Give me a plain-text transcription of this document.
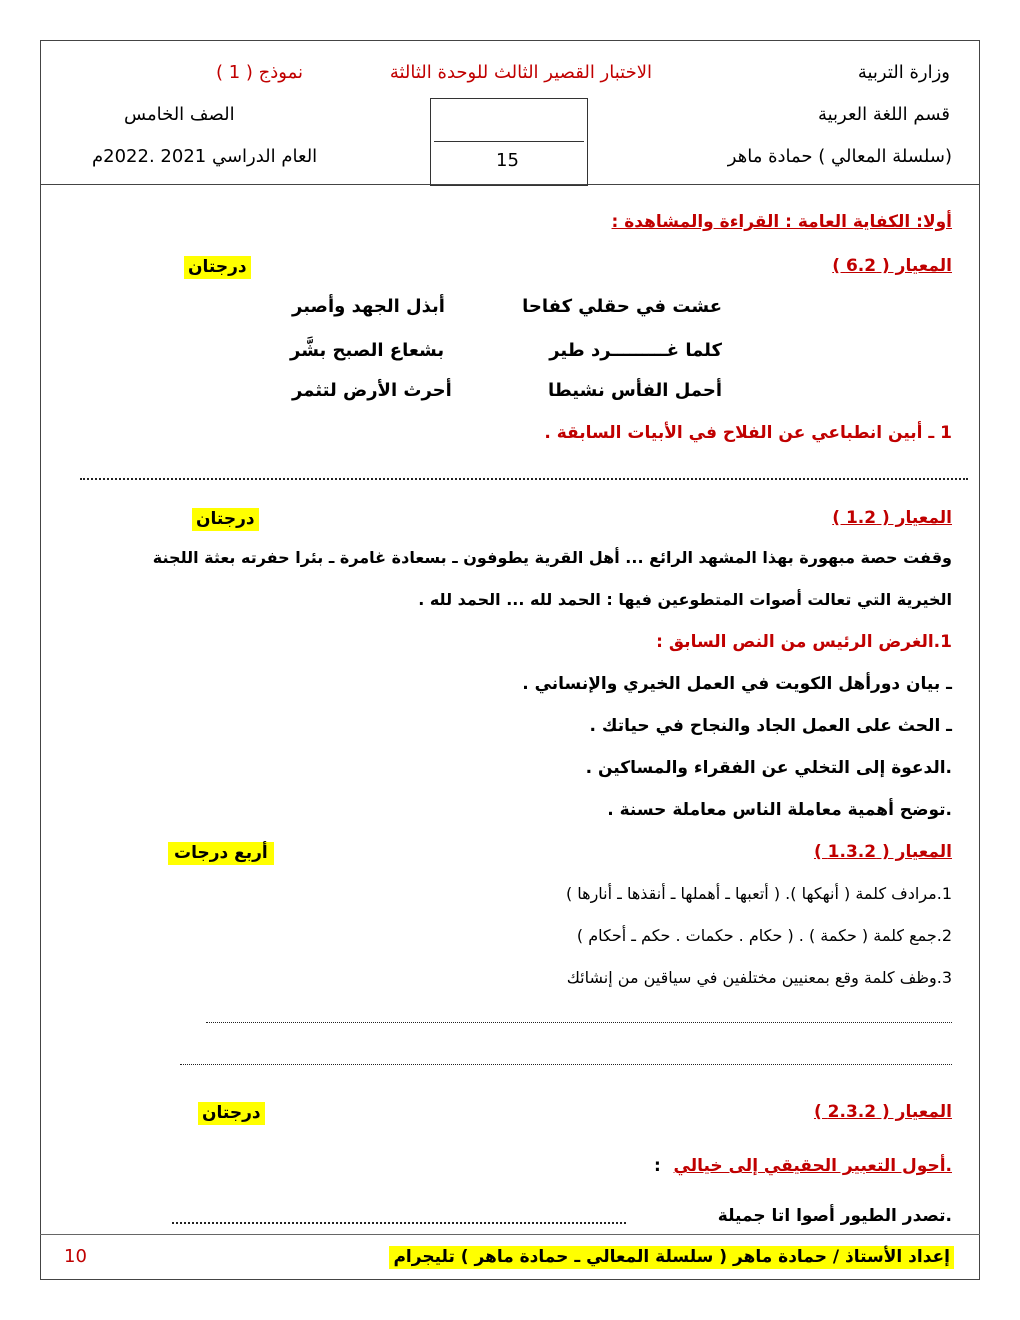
وزارة التربية
قسم اللغة العربية
(سلسلة المعالي ) حمادة ماهر
الاختبار القصير الثالث للوحدة الثالثة
نموذج ( 1 )
الصف الخامس
العام الدراسي 2021 .2022م	15
أولا: الكفاية العامة : القراءة والمشاهدة :
المعيار ( 6.2 )
درجتان
عشت في حقلي كفاحا
أبذل الجهد وأصبر
كلما غـــــــــرد طير
بشعاع الصبح بشَّر
أحمل الفأس نشيطا
أحرث الأرض لتثمر
1 ـ أبين انطباعي عن الفلاح في الأبيات السابقة .
المعيار ( 1.2 )
درجتان
وقفت حصة مبهورة بهذا المشهد الرائع ... أهل القرية يطوفون ـ بسعادة غامرة ـ بئرا حفرته بعثة اللجنة
الخيرية التي تعالت أصوات المتطوعين فيها : الحمد لله ... الحمد لله .
1.الغرض الرئيس من النص السابق :
ـ بيان دورأهل الكويت في العمل الخيري والإنساني .
ـ الحث على العمل الجاد والنجاح في حياتك .
.الدعوة إلى التخلي عن الفقراء والمساكين .
.توضح أهمية معاملة الناس معاملة حسنة .
المعيار ( 1.3.2 )
أربع درجات
1.مرادف كلمة ( أنهكها ). ( أتعبها ـ أهملها ـ أنقذها ـ أنارها )
2.جمع كلمة ( حكمة ) . ( حكام . حكمات . حكم ـ أحكام )
3.وظف كلمة وقع بمعنيين مختلفين في سياقين من إنشائك
المعيار ( 2.3.2 )
درجتان
.أحول التعبير الحقيقي إلى خيالي
:
.تصدر الطيور أصوا اتا جميلة
إعداد الأستاذ / حمادة ماهر ( سلسلة المعالي ـ حمادة ماهر ) تليجرام
10
